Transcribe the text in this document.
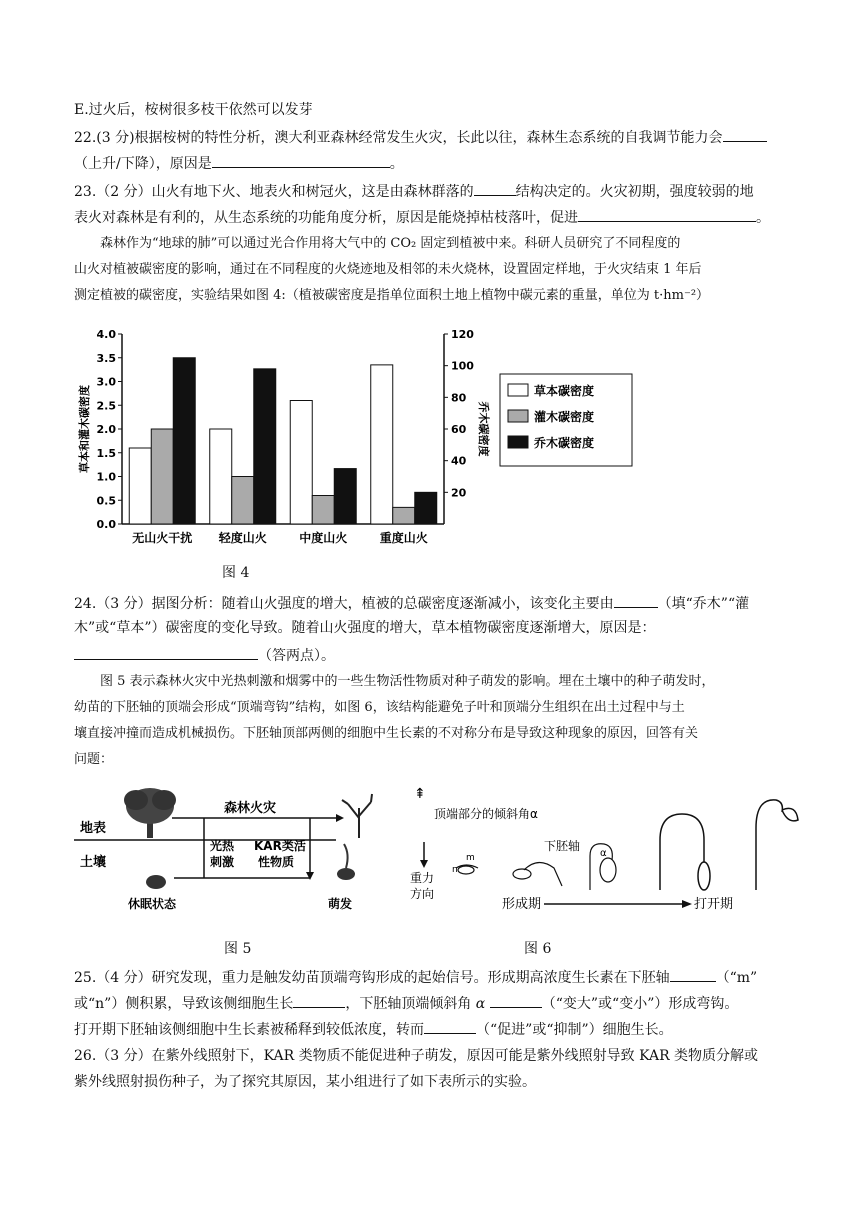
E.过火后，桉树很多枝干依然可以发芽
22.(3 分)根据桉树的特性分析，澳大利亚森林经常发生火灾，长此以往，森林生态系统的自我调节能力会
（上升/下降），原因是	。
23.（2 分）山火有地下火、地表火和树冠火，这是由森林群落的	结构决定的。火灾初期，强度较弱的地
表火对森林是有利的，从生态系统的功能角度分析，原因是能烧掉枯枝落叶，促进	。
森林作为“地球的肺”可以通过光合作用将大气中的 CO₂ 固定到植被中来。科研人员研究了不同程度的
山火对植被碳密度的影响，通过在不同程度的火烧迹地及相邻的未火烧林，设置固定样地，于火灾结束 1 年后
测定植被的碳密度，实验结果如图 4:（植被碳密度是指单位面积土地上植物中碳元素的重量，单位为 t·hm⁻²）
0.0
0.5
1.0
1.5
2.0
2.5
3.0
3.5
4.0
20
40
60
80
100
120
草本和灌木碳密度	乔木碳密度
无山火干扰 轻度山火	中度山火	重度山火
草本碳密度
灌木碳密度
乔木碳密度
图 4
24.（3 分）据图分析：随着山火强度的增大，植被的总碳密度逐渐减小，该变化主要由	（填“乔木”“灌
木”或“草本”）碳密度的变化导致。随着山火强度的增大，草本植物碳密度逐渐增大，原因是：
（答两点）。
图 5 表示森林火灾中光热刺激和烟雾中的一些生物活性物质对种子萌发的影响。埋在土壤中的种子萌发时，
幼苗的下胚轴的顶端会形成“顶端弯钩”结构，如图 6，该结构能避免子叶和顶端分生组织在出土过程中与土
壤直接冲撞而造成机械损伤。下胚轴顶部两侧的细胞中生长素的不对称分布是导致这种现象的原因，回答有关
问题：
森林火灾
地表
土壤
光热
刺激
KAR类活
性物质
休眠状态	萌发
图 5
⇞
顶端部分的倾斜角α
重力
方向
m
n
下胚轴
α
形成期	打开期
图 6
25.（4 分）研究发现，重力是触发幼苗顶端弯钩形成的起始信号。形成期高浓度生长素在下胚轴	（“m”
或“n”）侧积累，导致该侧细胞生长	，下胚轴顶端倾斜角 α	（“变大”或“变小”）形成弯钩。
打开期下胚轴该侧细胞中生长素被稀释到较低浓度，转而	（“促进”或“抑制”）细胞生长。
26.（3 分）在紫外线照射下，KAR 类物质不能促进种子萌发，原因可能是紫外线照射导致 KAR 类物质分解或
紫外线照射损伤种子，为了探究其原因，某小组进行了如下表所示的实验。
